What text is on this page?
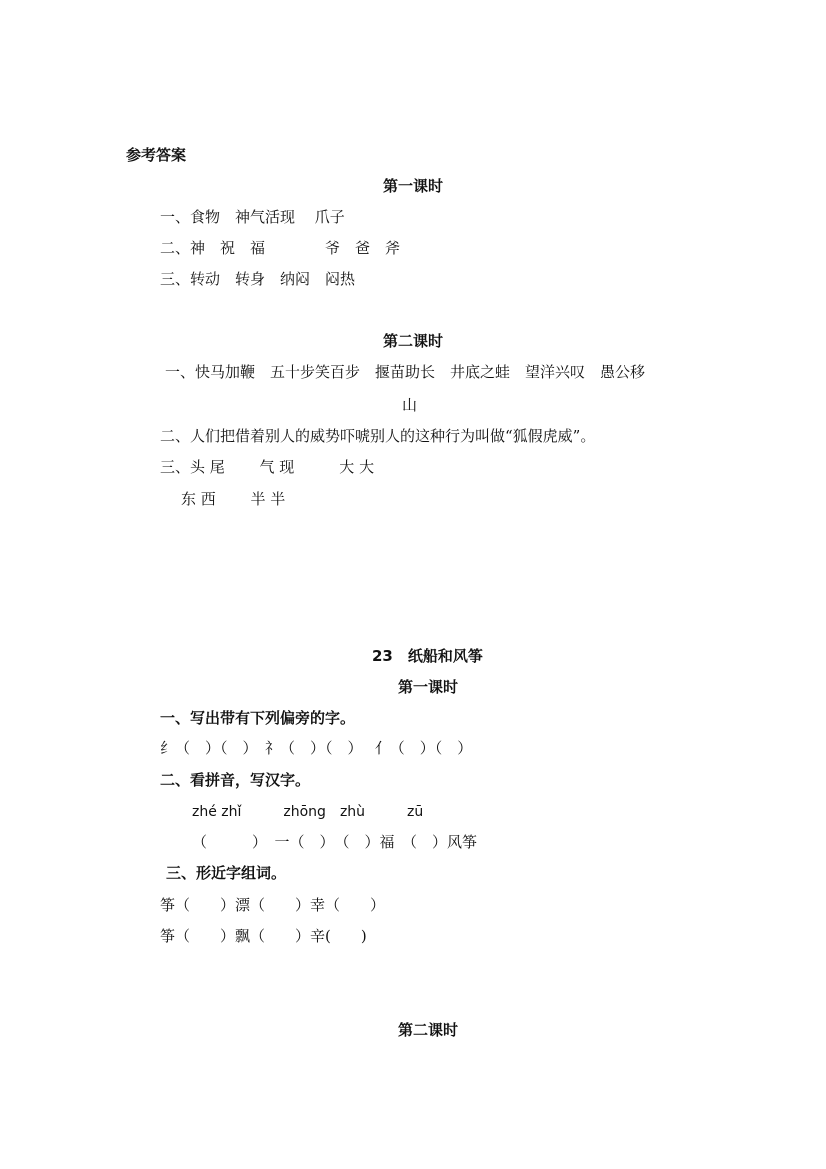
参考答案
第一课时
一、食物　神气活现　 爪子
二、神　祝　福　　　　爷　爸　斧
三、转动　转身　纳闷　闷热
第二课时
一、快马加鞭　五十步笑百步　揠苗助长　井底之蛙　望洋兴叹　愚公移
山
二、人们把借着别人的威势吓唬别人的这种行为叫做“狐假虎威”。
三、头 尾　　 气 现　　　大 大
东 西　　 半 半
23　纸船和风筝
第一课时
一、写出带有下列偏旁的字。
纟（　）（　）　礻（　）（　）　 亻（　）（　）
二、看拼音，写汉字。
zhé zhǐ　　　zhōng　zhù　　　zū
（　　　）　一（　）　（　）福　（　）风筝
三、形近字组词。
筝（　　）漂（　　）幸（　　）
筝（　　）飘（　　）辛(　　)
第二课时
